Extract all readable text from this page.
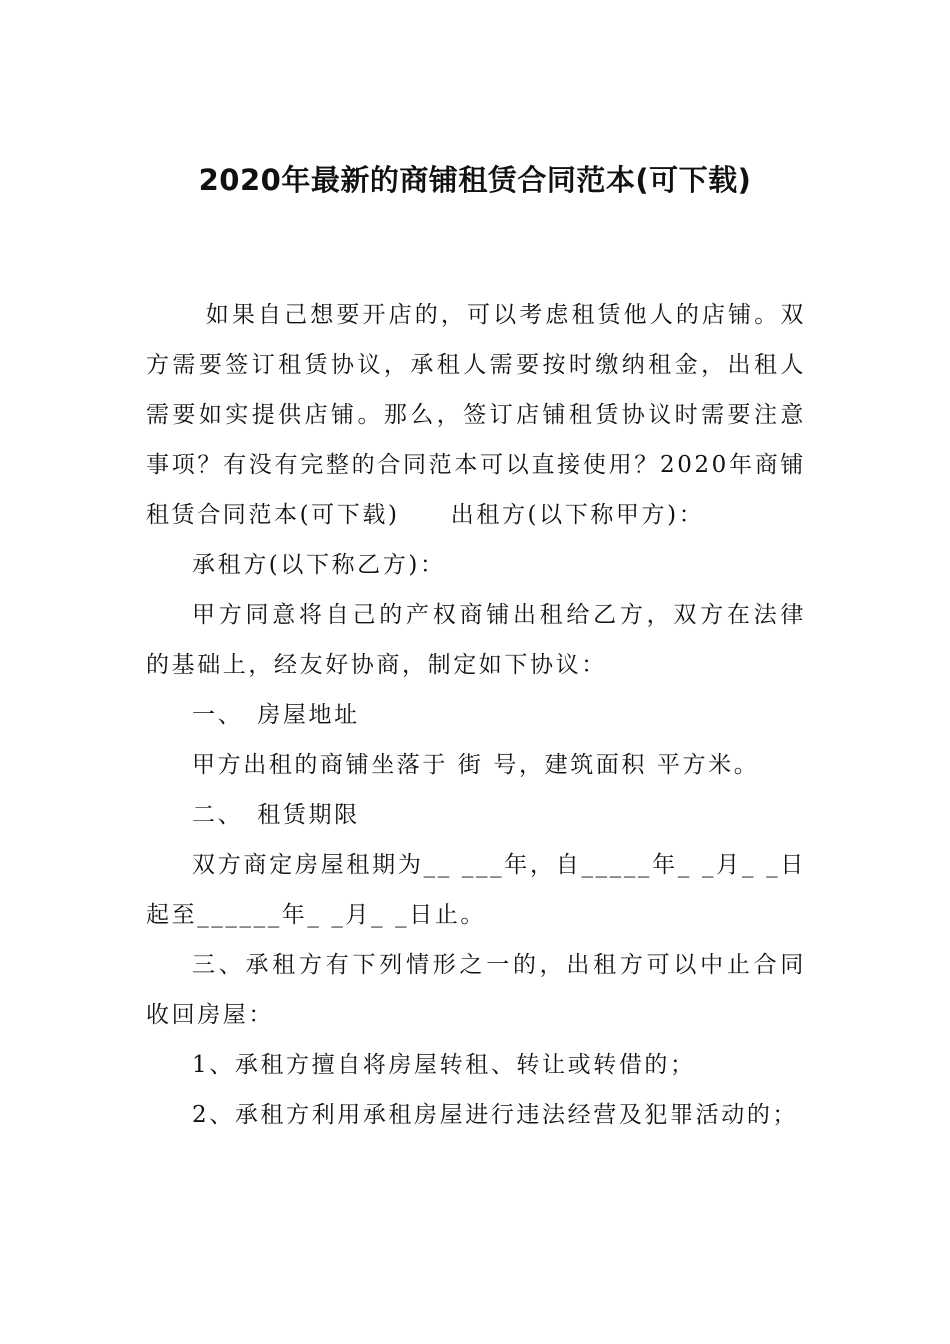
2020年最新的商铺租赁合同范本(可下载)

如果自己想要开店的，可以考虑租赁他人的店铺。双方需要签订租赁协议，承租人需要按时缴纳租金，出租人需要如实提供店铺。那么，签订店铺租赁协议时需要注意事项？有没有完整的合同范本可以直接使用？2020年商铺租赁合同范本(可下载)　　出租方(以下称甲方)：

承租方(以下称乙方)：

甲方同意将自己的产权商铺出租给乙方，双方在法律的基础上，经友好协商，制定如下协议：

一、　房屋地址

甲方出租的商铺坐落于 街 号，建筑面积 平方米。

二、　租赁期限

双方商定房屋租期为__ ___年，自_____年_ _月_ _日起至______年_ _月_ _日止。

三、承租方有下列情形之一的，出租方可以中止合同收回房屋：

1、承租方擅自将房屋转租、转让或转借的；

2、承租方利用承租房屋进行违法经营及犯罪活动的；
